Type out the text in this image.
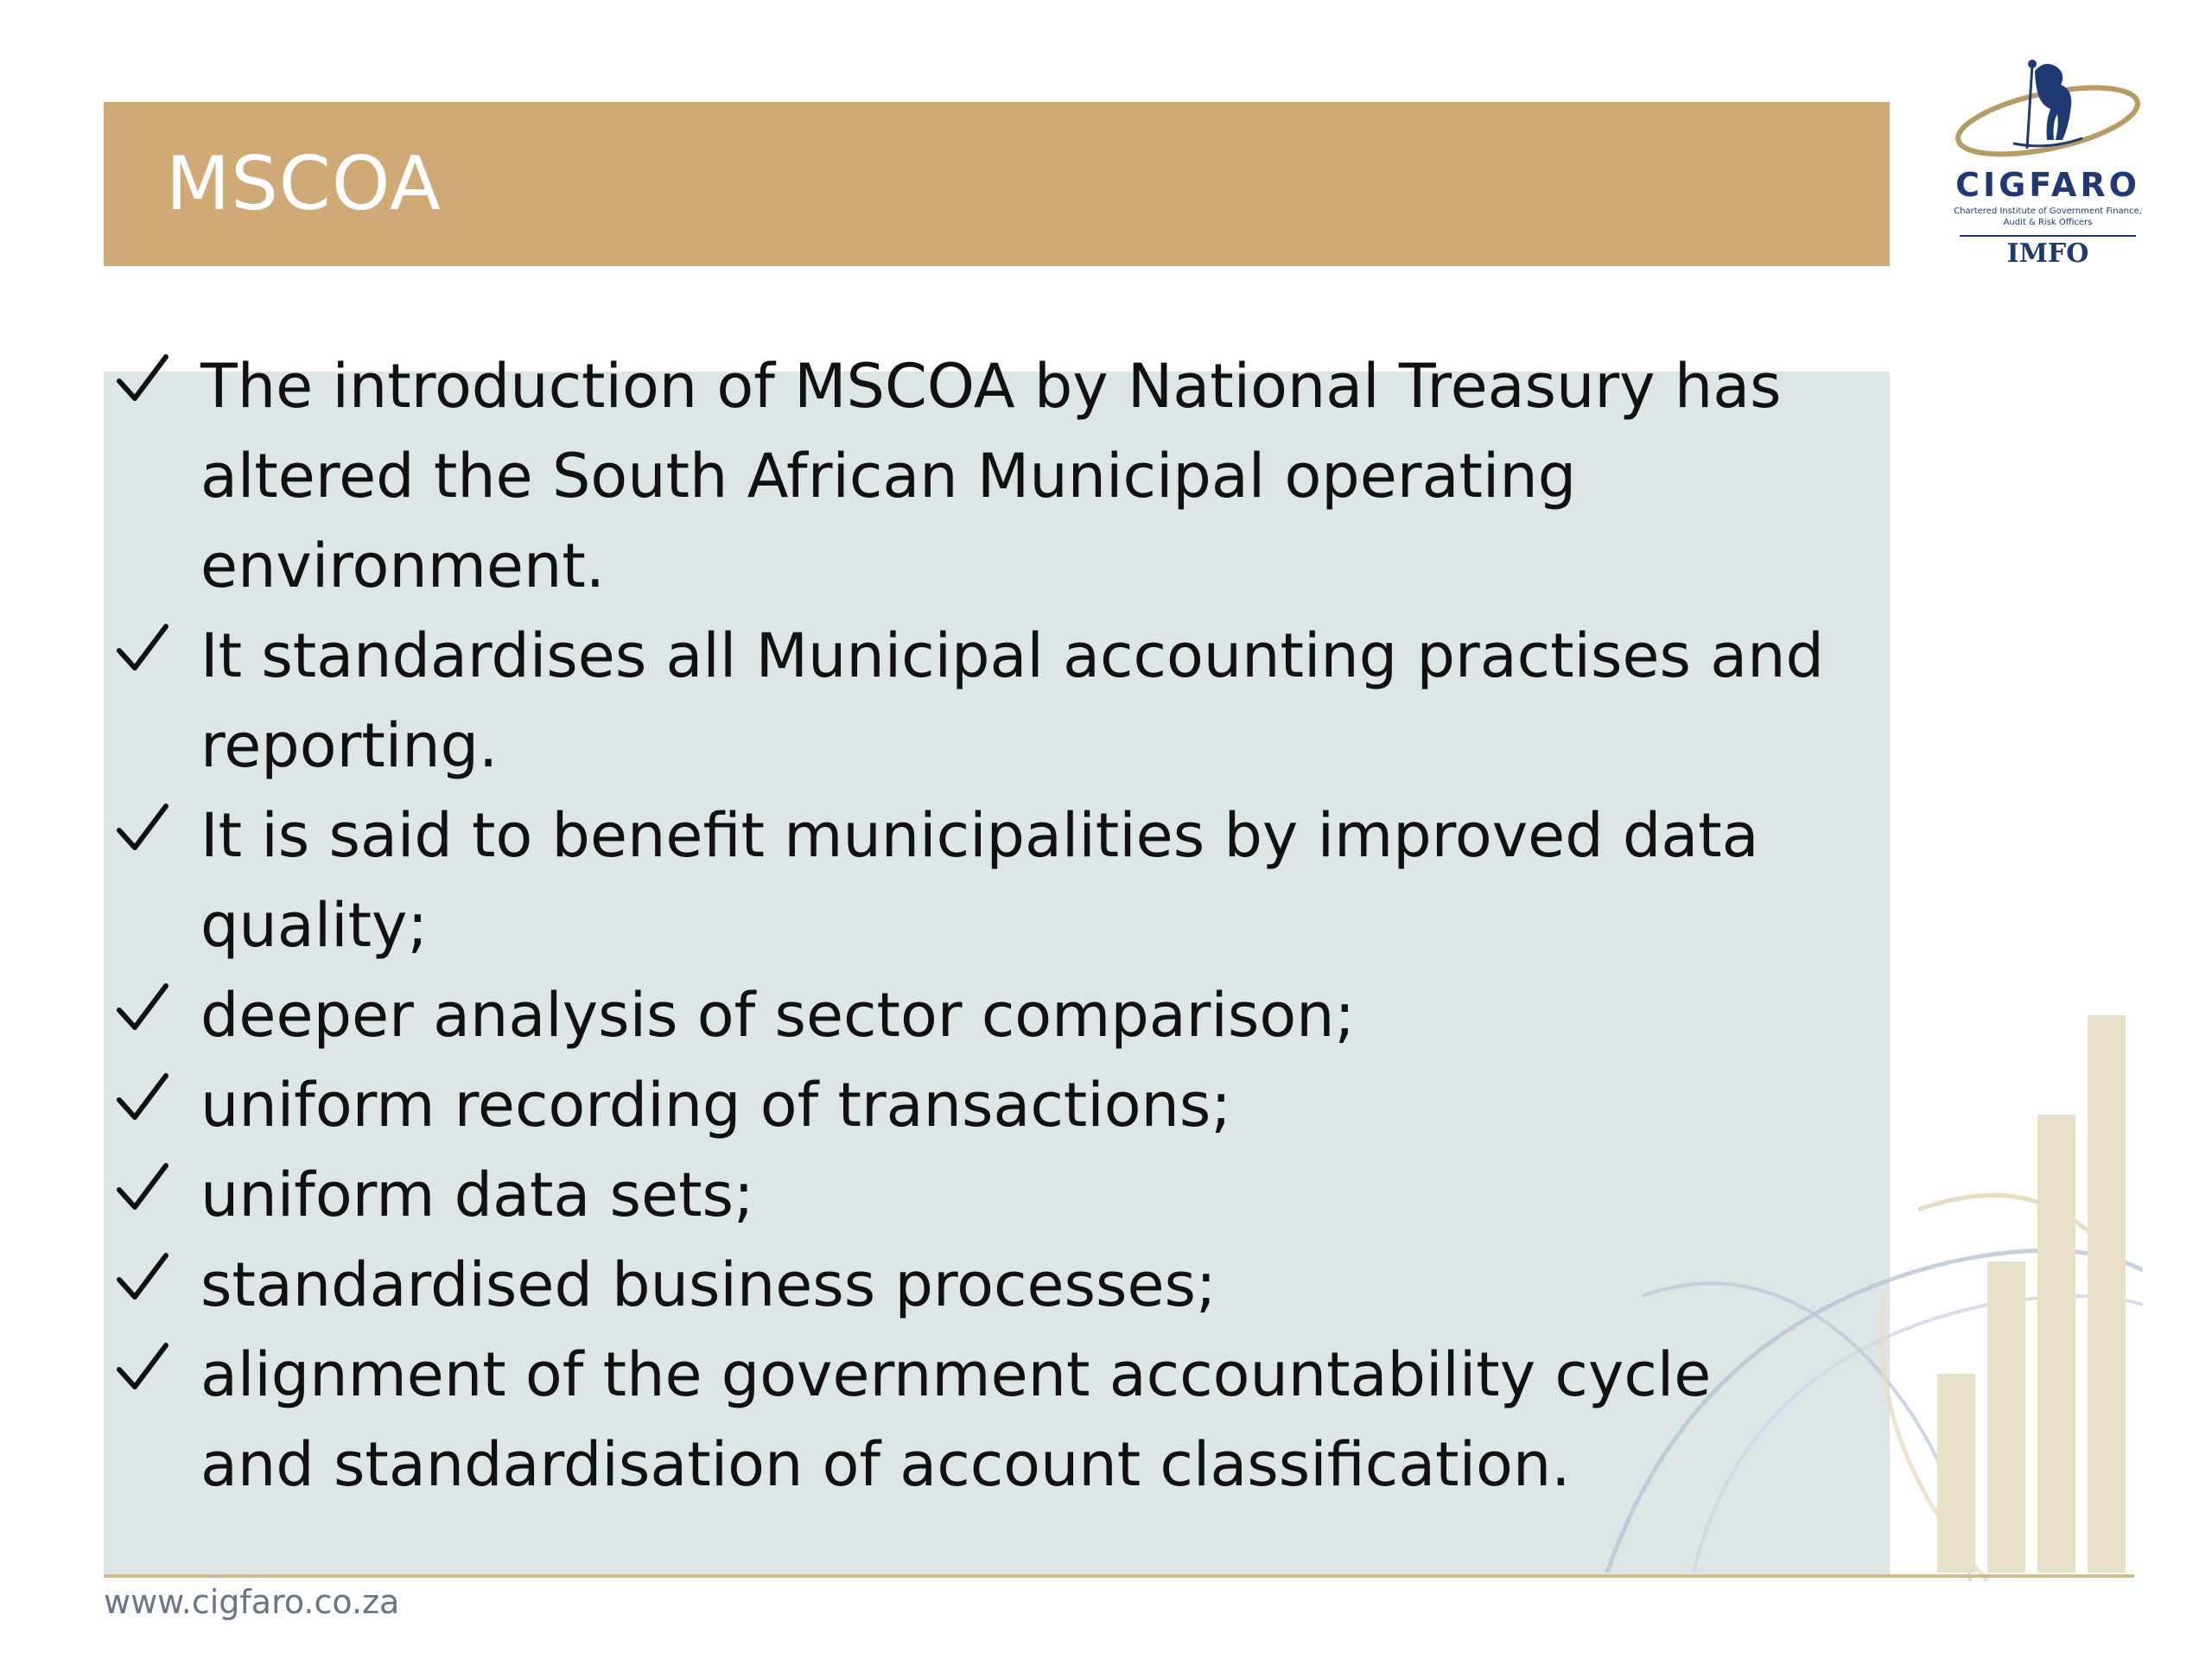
CIGFARO
Chartered Institute of Government Finance, Audit & Risk Officers
IMFO
MSCOA
The introduction of MSCOA by National Treasury has altered the South African Municipal operating environment.
It standardises all Municipal accounting practises and reporting.
It is said to benefit municipalities by improved data quality;
deeper analysis of sector comparison;
uniform recording of transactions;
uniform data sets;
standardised business processes;
alignment of the government accountability cycle and standardisation of account classification.
www.cigfaro.co.za
